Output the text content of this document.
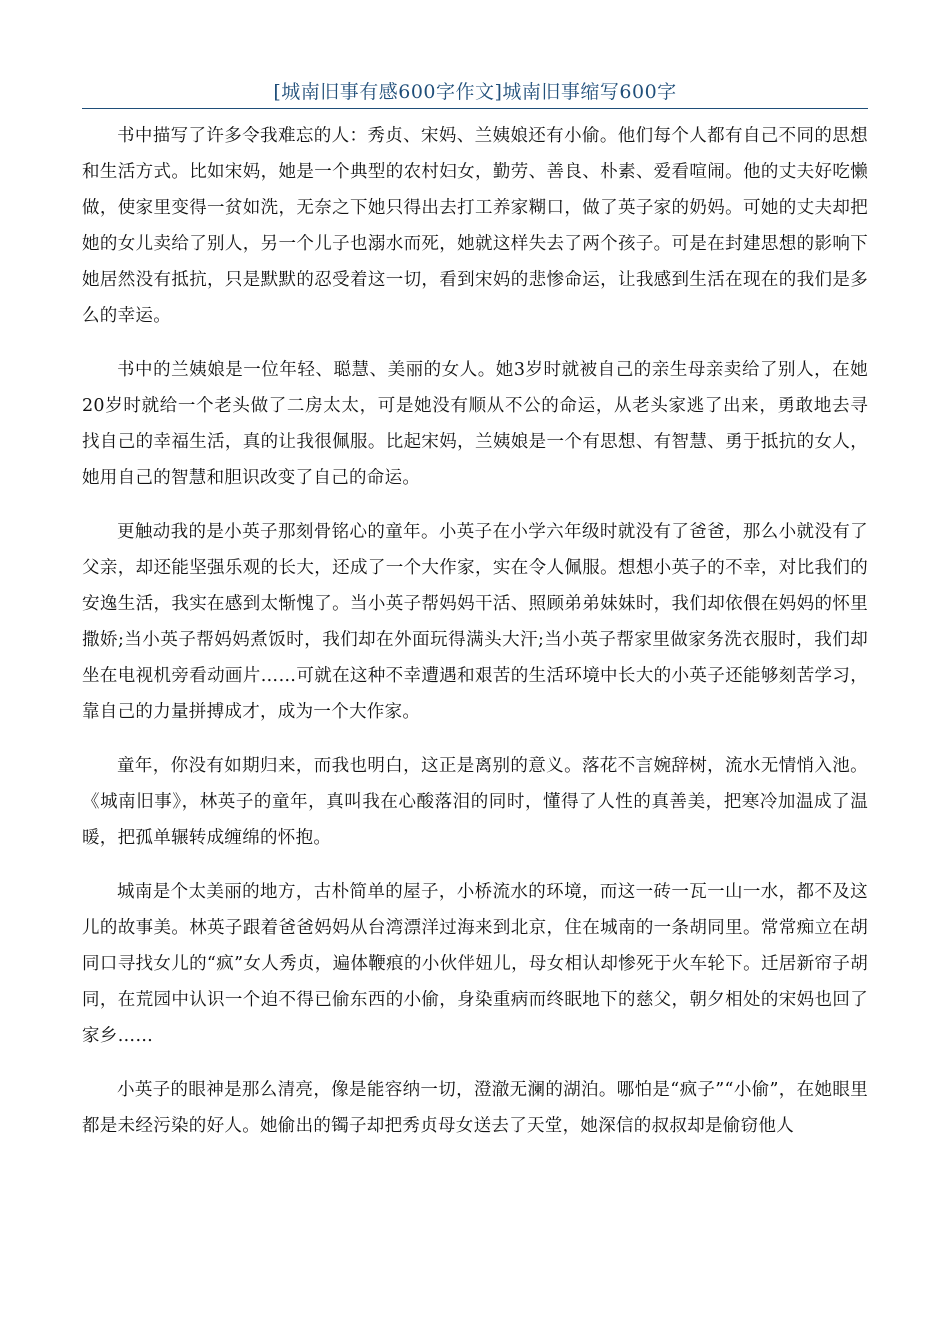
[城南旧事有感600字作文]城南旧事缩写600字

书中描写了许多令我难忘的人：秀贞、宋妈、兰姨娘还有小偷。他们每个人都有自己不同的思想和生活方式。比如宋妈，她是一个典型的农村妇女，勤劳、善良、朴素、爱看喧闹。他的丈夫好吃懒做，使家里变得一贫如洗，无奈之下她只得出去打工养家糊口，做了英子家的奶妈。可她的丈夫却把她的女儿卖给了别人，另一个儿子也溺水而死，她就这样失去了两个孩子。可是在封建思想的影响下她居然没有抵抗，只是默默的忍受着这一切，看到宋妈的悲惨命运，让我感到生活在现在的我们是多么的幸运。

书中的兰姨娘是一位年轻、聪慧、美丽的女人。她3岁时就被自己的亲生母亲卖给了别人，在她20岁时就给一个老头做了二房太太，可是她没有顺从不公的命运，从老头家逃了出来，勇敢地去寻找自己的幸福生活，真的让我很佩服。比起宋妈，兰姨娘是一个有思想、有智慧、勇于抵抗的女人，她用自己的智慧和胆识改变了自己的命运。

更触动我的是小英子那刻骨铭心的童年。小英子在小学六年级时就没有了爸爸，那么小就没有了父亲，却还能坚强乐观的长大，还成了一个大作家，实在令人佩服。想想小英子的不幸，对比我们的安逸生活，我实在感到太惭愧了。当小英子帮妈妈干活、照顾弟弟妹妹时，我们却依偎在妈妈的怀里撒娇;当小英子帮妈妈煮饭时，我们却在外面玩得满头大汗;当小英子帮家里做家务洗衣服时，我们却坐在电视机旁看动画片……可就在这种不幸遭遇和艰苦的生活环境中长大的小英子还能够刻苦学习，靠自己的力量拼搏成才，成为一个大作家。

童年，你没有如期归来，而我也明白，这正是离别的意义。落花不言婉辞树，流水无情悄入池。《城南旧事》，林英子的童年，真叫我在心酸落泪的同时，懂得了人性的真善美，把寒冷加温成了温暖，把孤单辗转成缠绵的怀抱。

城南是个太美丽的地方，古朴简单的屋子，小桥流水的环境，而这一砖一瓦一山一水，都不及这儿的故事美。林英子跟着爸爸妈妈从台湾漂洋过海来到北京，住在城南的一条胡同里。常常痴立在胡同口寻找女儿的“疯”女人秀贞，遍体鞭痕的小伙伴妞儿，母女相认却惨死于火车轮下。迁居新帘子胡同，在荒园中认识一个迫不得已偷东西的小偷，身染重病而终眠地下的慈父，朝夕相处的宋妈也回了家乡……

小英子的眼神是那么清亮，像是能容纳一切，澄澈无澜的湖泊。哪怕是“疯子”“小偷”，在她眼里都是未经污染的好人。她偷出的镯子却把秀贞母女送去了天堂，她深信的叔叔却是偷窃他人
